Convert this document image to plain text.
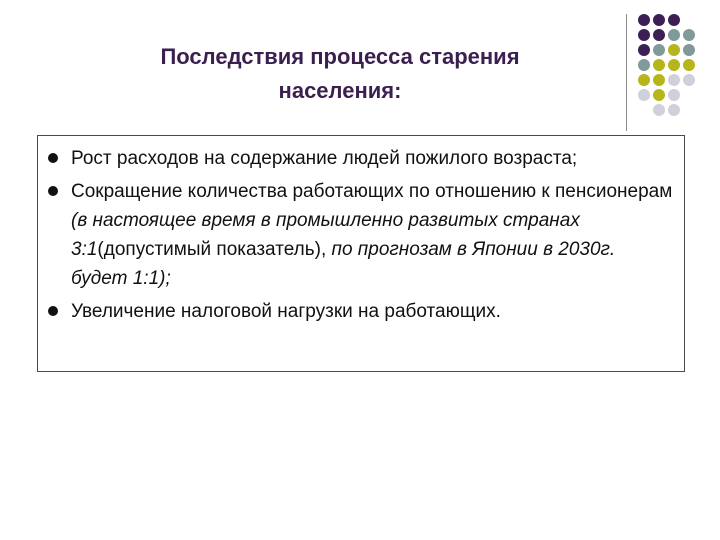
Последствия процесса старения
населения:
Рост расходов на содержание людей пожилого возраста;
Сокращение количества работающих по отношению к пенсионерам (в настоящее время в промышленно развитых странах 3:1(допустимый показатель), по прогнозам в Японии в 2030г. будет 1:1);
Увеличение налоговой нагрузки на работающих.
